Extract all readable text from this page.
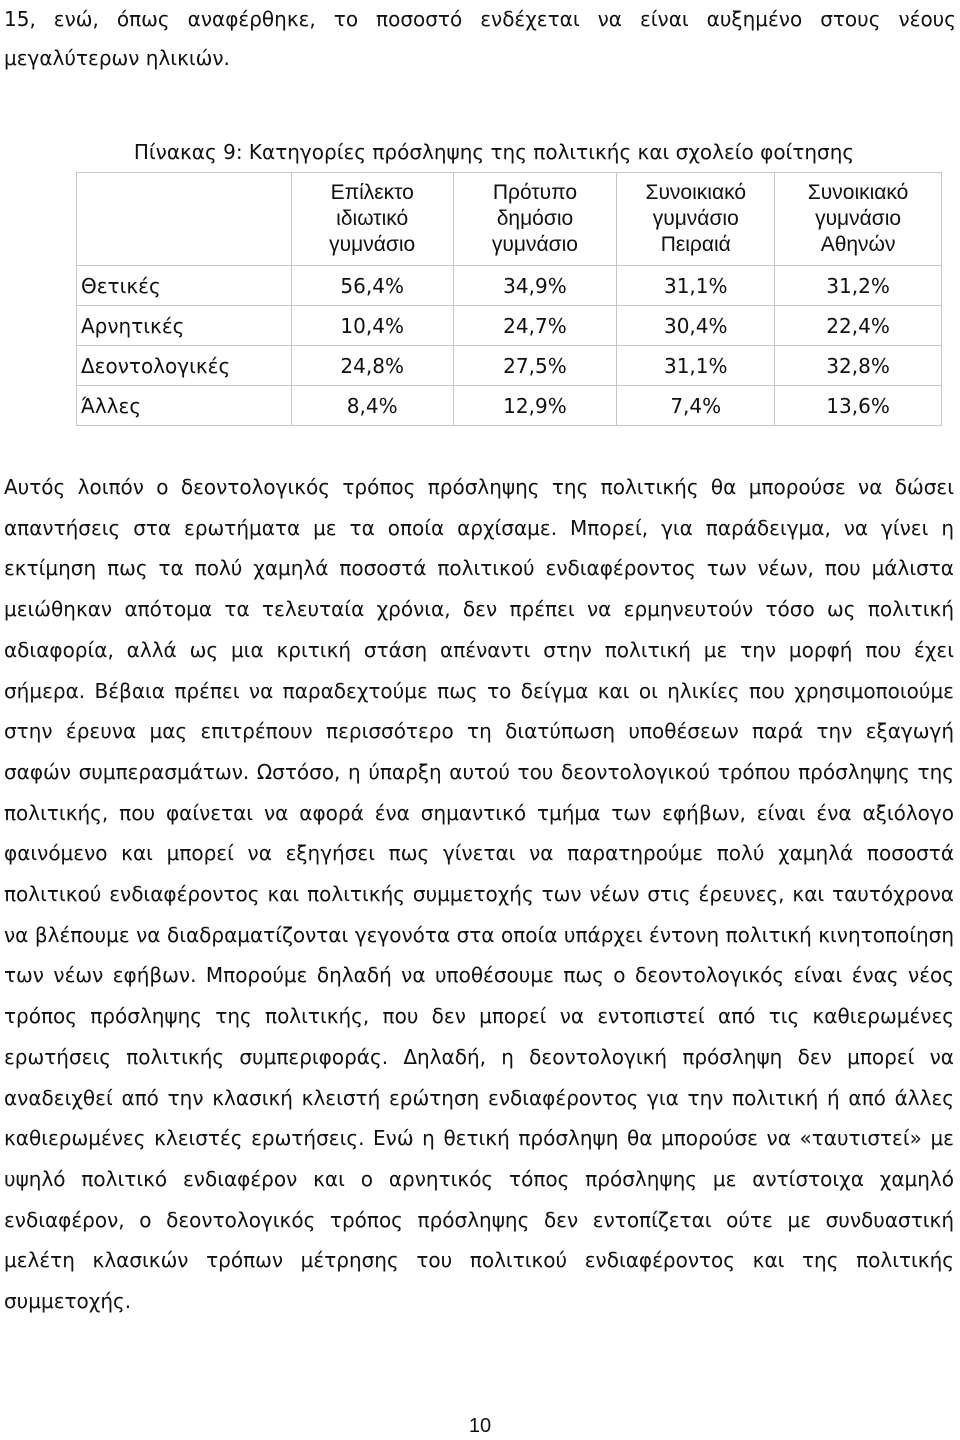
15, ενώ, όπως αναφέρθηκε, το ποσοστό ενδέχεται να είναι αυξημένο στους νέους
μεγαλύτερων ηλικιών.

Πίνακας 9: Κατηγορίες πρόσληψης της πολιτικής και σχολείο φοίτησης
	Επίλεκτο ιδιωτικό γυμνάσιο	Πρότυπο δημόσιο γυμνάσιο	Συνοικιακό γυμνάσιο Πειραιά	Συνοικιακό γυμνάσιο Αθηνών
Θετικές	56,4%	34,9%	31,1%	31,2%
Αρνητικές	10,4%	24,7%	30,4%	22,4%
Δεοντολογικές	24,8%	27,5%	31,1%	32,8%
Άλλες	8,4%	12,9%	7,4%	13,6%

Αυτός λοιπόν ο δεοντολογικός τρόπος πρόσληψης της πολιτικής θα μπορούσε να δώσει απαντήσεις στα ερωτήματα με τα οποία αρχίσαμε. Μπορεί, για παράδειγμα, να γίνει η εκτίμηση πως τα πολύ χαμηλά ποσοστά πολιτικού ενδιαφέροντος των νέων, που μάλιστα μειώθηκαν απότομα τα τελευταία χρόνια, δεν πρέπει να ερμηνευτούν τόσο ως πολιτική αδιαφορία, αλλά ως μια κριτική στάση απέναντι στην πολιτική με την μορφή που έχει σήμερα. Βέβαια πρέπει να παραδεχτούμε πως το δείγμα και οι ηλικίες που χρησιμοποιούμε στην έρευνα μας επιτρέπουν περισσότερο τη διατύπωση υποθέσεων παρά την εξαγωγή σαφών συμπερασμάτων. Ωστόσο, η ύπαρξη αυτού του δεοντολογικού τρόπου πρόσληψης της πολιτικής, που φαίνεται να αφορά ένα σημαντικό τμήμα των εφήβων, είναι ένα αξιόλογο φαινόμενο και μπορεί να εξηγήσει πως γίνεται να παρατηρούμε πολύ χαμηλά ποσοστά πολιτικού ενδιαφέροντος και πολιτικής συμμετοχής των νέων στις έρευνες, και ταυτόχρονα να βλέπουμε να διαδραματίζονται γεγονότα στα οποία υπάρχει έντονη πολιτική κινητοποίηση των νέων εφήβων. Μπορούμε δηλαδή να υποθέσουμε πως ο δεοντολογικός είναι ένας νέος τρόπος πρόσληψης της πολιτικής, που δεν μπορεί να εντοπιστεί από τις καθιερωμένες ερωτήσεις πολιτικής συμπεριφοράς. Δηλαδή, η δεοντολογική πρόσληψη δεν μπορεί να αναδειχθεί από την κλασική κλειστή ερώτηση ενδιαφέροντος για την πολιτική ή από άλλες καθιερωμένες κλειστές ερωτήσεις. Ενώ η θετική πρόσληψη θα μπορούσε να «ταυτιστεί» με υψηλό πολιτικό ενδιαφέρον και ο αρνητικός τόπος πρόσληψης με αντίστοιχα χαμηλό ενδιαφέρον, ο δεοντολογικός τρόπος πρόσληψης δεν εντοπίζεται ούτε με συνδυαστική μελέτη κλασικών τρόπων μέτρησης του πολιτικού ενδιαφέροντος και της πολιτικής συμμετοχής.

10
